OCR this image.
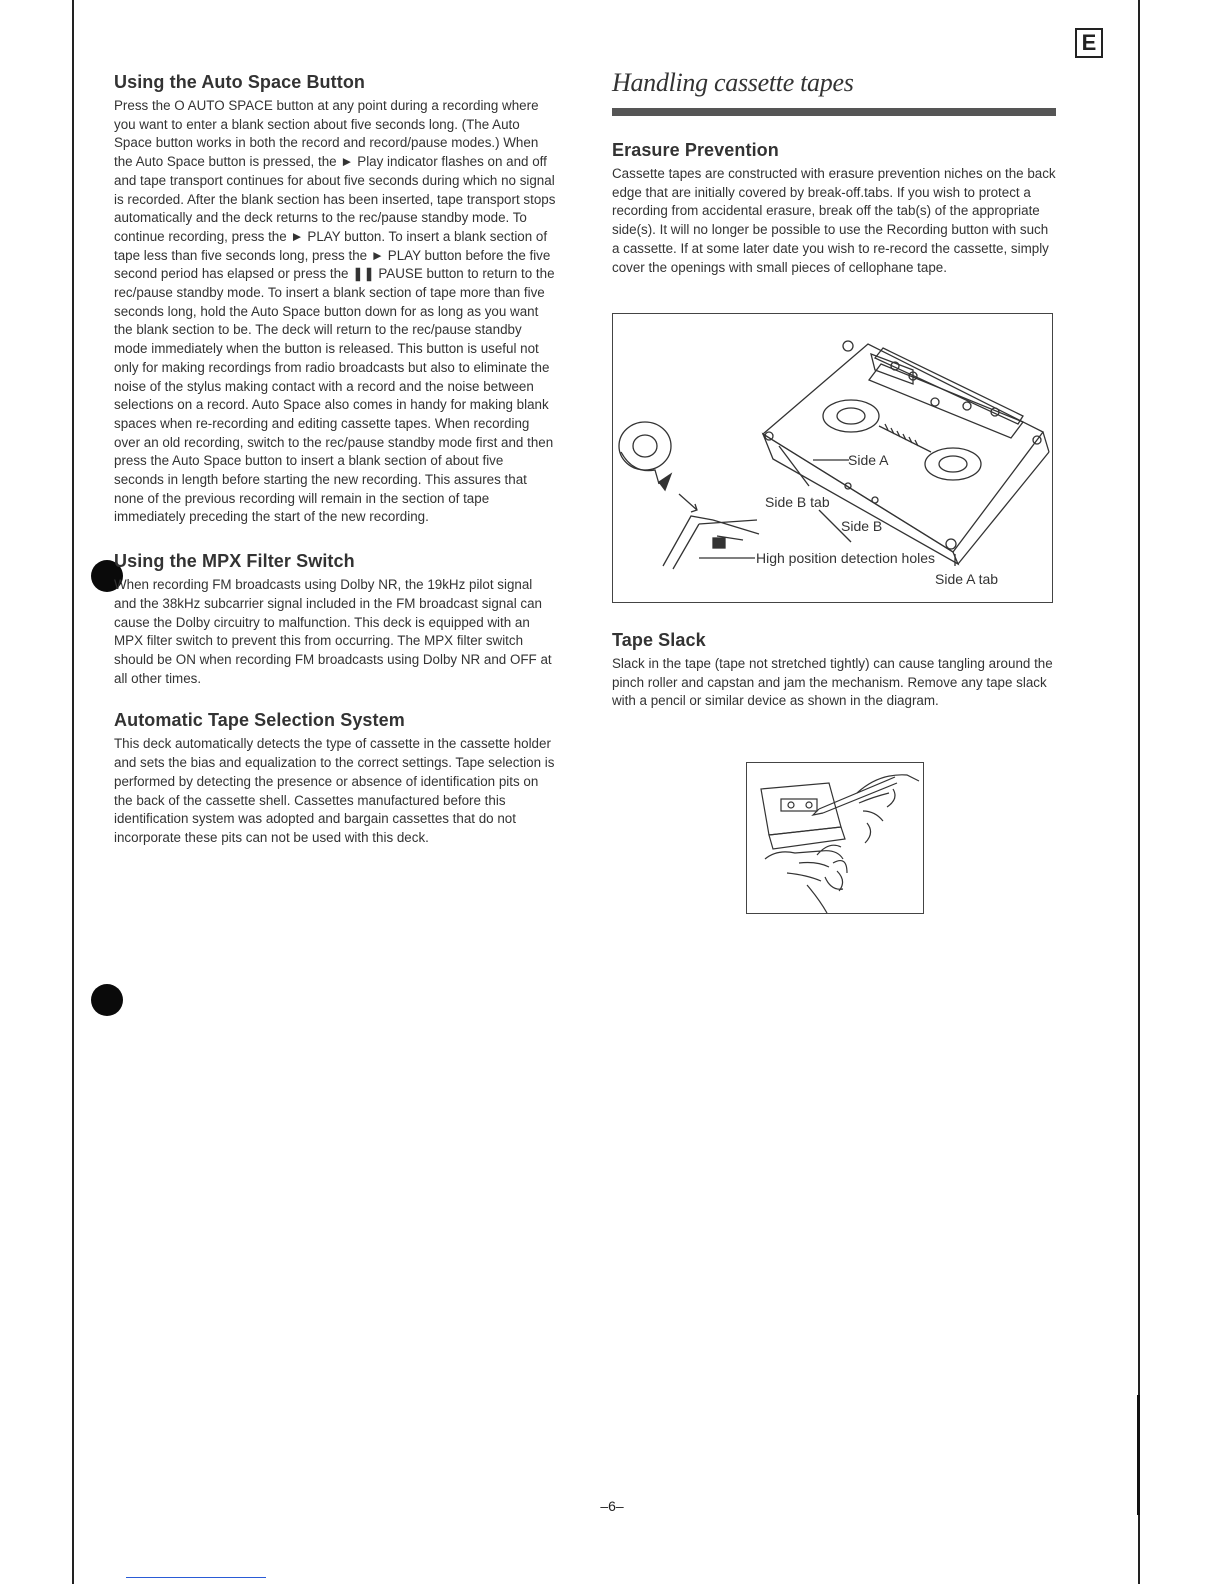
E
Using the Auto Space Button

Press the O AUTO SPACE button at any point during a recording where you want to enter a blank section about five seconds long. (The Auto Space button works in both the record and record/pause modes.) When the Auto Space button is pressed, the ► Play indicator flashes on and off and tape transport continues for about five seconds during which no signal is recorded. After the blank section has been inserted, tape transport stops automatically and the deck returns to the rec/pause standby mode. To continue recording, press the ► PLAY button. To insert a blank section of tape less than five seconds long, press the ► PLAY button before the five second period has elapsed or press the ❚❚ PAUSE button to return to the rec/pause standby mode. To insert a blank section of tape more than five seconds long, hold the Auto Space button down for as long as you want the blank section to be. The deck will return to the rec/pause standby mode immediately when the button is released. This button is useful not only for making recordings from radio broadcasts but also to eliminate the noise of the stylus making contact with a record and the noise between selections on a record. Auto Space also comes in handy for making blank spaces when re-recording and editing cassette tapes. When recording over an old recording, switch to the rec/pause standby mode first and then press the Auto Space button to insert a blank section of about five seconds in length before starting the new recording. This assures that none of the previous recording will remain in the section of tape immediately preceding the start of the new recording.

Using the MPX Filter Switch

When recording FM broadcasts using Dolby NR, the 19kHz pilot signal and the 38kHz subcarrier signal included in the FM broadcast signal can cause the Dolby circuitry to malfunction. This deck is equipped with an MPX filter switch to prevent this from occurring. The MPX filter switch should be ON when recording FM broadcasts using Dolby NR and OFF at all other times.

Automatic Tape Selection System

This deck automatically detects the type of cassette in the cassette holder and sets the bias and equalization to the correct settings. Tape selection is performed by detecting the presence or absence of identification pits on the back of the cassette shell. Cassettes manufactured before this identification system was adopted and bargain cassettes that do not incorporate these pits can not be used with this deck.

Handling cassette tapes
Erasure Prevention

Cassette tapes are constructed with erasure prevention niches on the back edge that are initially covered by break-off.tabs. If you wish to protect a recording from accidental erasure, break off the tab(s) of the appropriate side(s). It will no longer be possible to use the Recording button with such a cassette. If at some later date you wish to re-record the cassette, simply cover the openings with small pieces of cellophane tape.

Side A
Side B tab
Side B
High position detection holes
Side A tab
Tape Slack

Slack in the tape (tape not stretched tightly) can cause tangling around the pinch roller and capstan and jam the mechanism. Remove any tape slack with a pencil or similar device as shown in the diagram.

–6–
